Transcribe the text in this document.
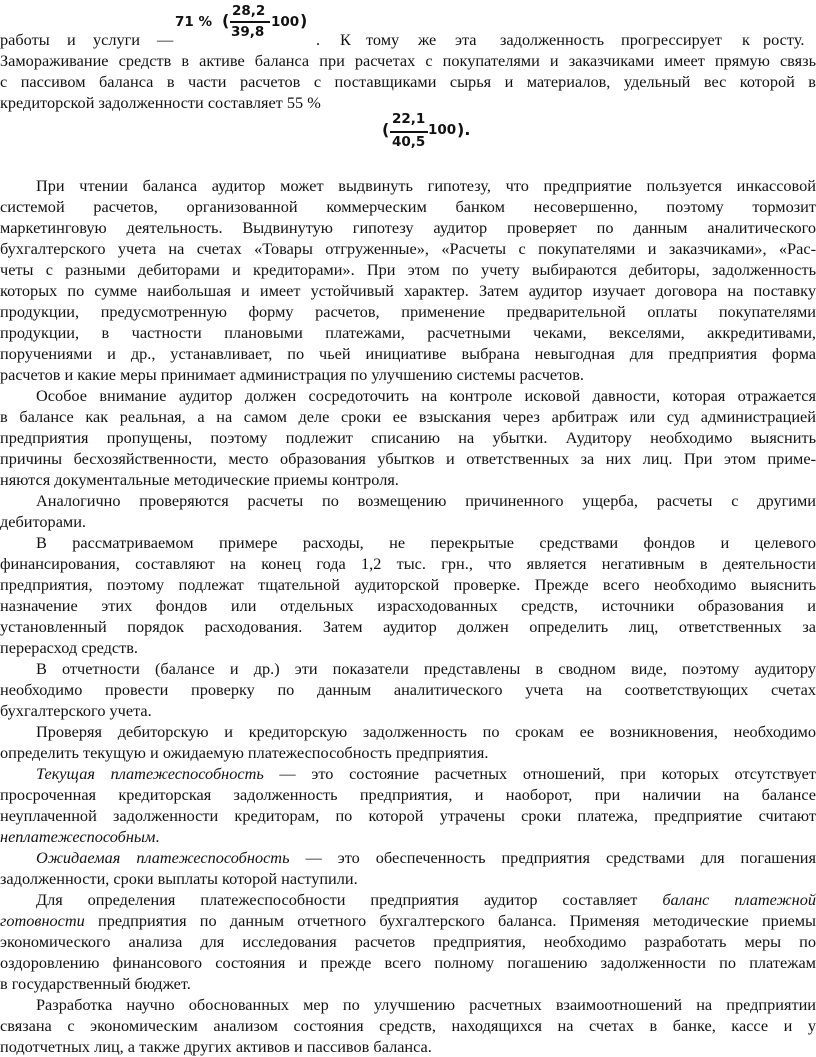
работы и услуги —	. К тому же эта задолженность прогрессирует к росту.
71 % ( 28,2
39,8
100 )
Замораживание средств в активе баланса при расчетах с покупателями и заказчиками имеет прямую связь
с пассивом баланса в части расчетов с поставщиками сырья и материалов, удельный вес которой в
кредиторской задолженности составляет 55 %
(
22,1
40,5
100 ).
При чтении баланса аудитор может выдвинуть гипотезу, что предприятие пользуется инкассовой
системой расчетов, организованной коммерческим банком несовершенно, поэтому тормозит
маркетинговую деятельность. Выдвинутую гипотезу аудитор проверяет по данным аналитического
бухгалтерского учета на счетах «Товары отгруженные», «Расчеты с покупателями и заказчиками», «Рас-
четы с разными дебиторами и кредиторами». При этом по учету выбираются дебиторы, задолженность
которых по сумме наибольшая и имеет устойчивый характер. Затем аудитор изучает договора на поставку
продукции, предусмотренную форму расчетов, применение предварительной оплаты покупателями
продукции, в частности плановыми платежами, расчетными чеками, векселями, аккредитивами,
поручениями и др., устанавливает, по чьей инициативе выбрана невыгодная для предприятия форма
расчетов и какие меры принимает администрация по улучшению системы расчетов.
Особое внимание аудитор должен сосредоточить на контроле исковой давности, которая отражается
в балансе как реальная, а на самом деле сроки ее взыскания через арбитраж или суд администрацией
предприятия пропущены, поэтому подлежит списанию на убытки. Аудитору необходимо выяснить
причины бесхозяйственности, место образования убытков и ответственных за них лиц. При этом приме-
няются документальные методические приемы контроля.
Аналогично проверяются расчеты по возмещению причиненного ущерба, расчеты с другими
дебиторами.
В рассматриваемом примере расходы, не перекрытые средствами фондов и целевого
финансирования, составляют на конец года 1,2 тыс. грн., что является негативным в деятельности
предприятия, поэтому подлежат тщательной аудиторской проверке. Прежде всего необходимо выяснить
назначение этих фондов или отдельных израсходованных средств, источники образования и
установленный порядок расходования. Затем аудитор должен определить лиц, ответственных за
перерасход средств.
В отчетности (балансе и др.) эти показатели представлены в сводном виде, поэтому аудитору
необходимо провести проверку по данным аналитического учета на соответствующих счетах
бухгалтерского учета.
Проверяя дебиторскую и кредиторскую задолженность по срокам ее возникновения, необходимо
определить текущую и ожидаемую платежеспособность предприятия.
Текущая платежеспособность — это состояние расчетных отношений, при которых отсутствует
просроченная кредиторская задолженность предприятия, и наоборот, при наличии на балансе
неуплаченной задолженности кредиторам, по которой утрачены сроки платежа, предприятие считают
неплатежеспособным.
Ожидаемая платежеспособность — это обеспеченность предприятия средствами для погашения
задолженности, сроки выплаты которой наступили.
Для определения платежеспособности предприятия аудитор составляет баланс платежной
готовности предприятия по данным отчетного бухгалтерского баланса. Применяя методические приемы
экономического анализа для исследования расчетов предприятия, необходимо разработать меры по
оздоровлению финансового состояния и прежде всего полному погашению задолженности по платежам
в государственный бюджет.
Разработка научно обоснованных мер по улучшению расчетных взаимоотношений на предприятии
связана с экономическим анализом состояния средств, находящихся на счетах в банке, кассе и у
подотчетных лиц, а также других активов и пассивов баланса.
